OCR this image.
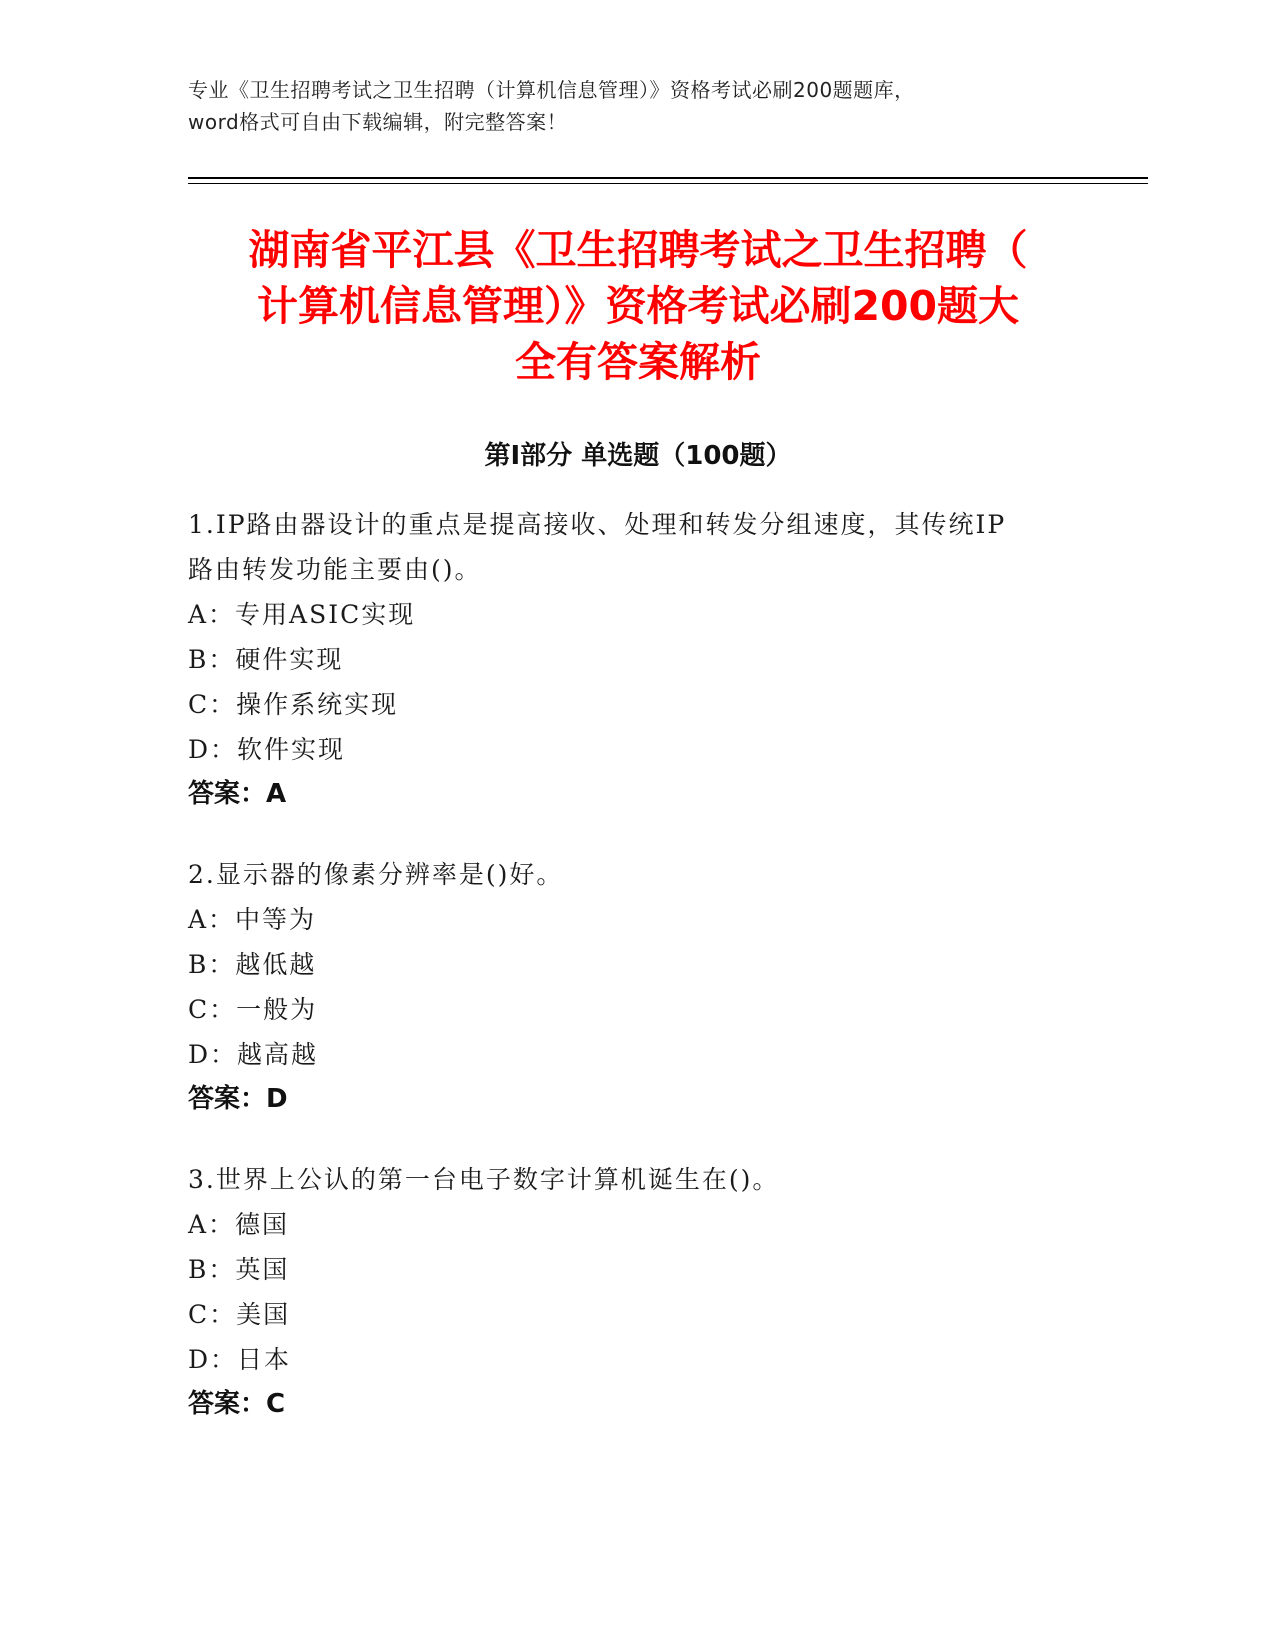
专业《卫生招聘考试之卫生招聘（计算机信息管理）》资格考试必刷200题题库，
word格式可自由下载编辑，附完整答案！
湖南省平江县《卫生招聘考试之卫生招聘（
计算机信息管理）》资格考试必刷200题大
全有答案解析
第Ⅰ部分 单选题（100题）
1.IP路由器设计的重点是提高接收、处理和转发分组速度，其传统IP
路由转发功能主要由()。
A：专用ASIC实现
B：硬件实现
C：操作系统实现
D：软件实现
答案：A
2.显示器的像素分辨率是()好。
A：中等为
B：越低越
C：一般为
D：越高越
答案：D
3.世界上公认的第一台电子数字计算机诞生在()。
A：德国
B：英国
C：美国
D：日本
答案：C
